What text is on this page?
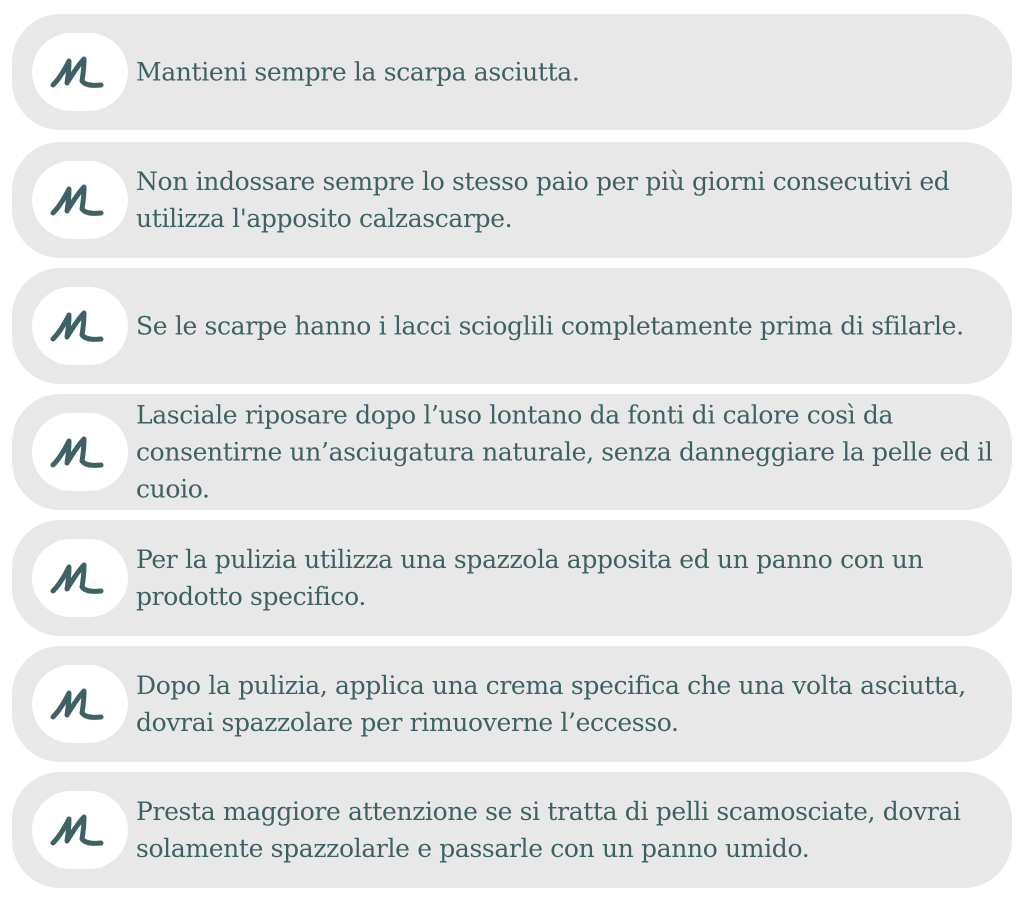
Mantieni sempre la scarpa asciutta.
Non indossare sempre lo stesso paio per più giorni consecutivi ed utilizza l'apposito calzascarpe.
Se le scarpe hanno i lacci scioglili completamente prima di sfilarle.
Lasciale riposare dopo l’uso lontano da fonti di calore così da consentirne un’asciugatura naturale, senza danneggiare la pelle ed il cuoio.
Per la pulizia utilizza una spazzola apposita ed un panno con un prodotto specifico.
Dopo la pulizia, applica una crema specifica che una volta asciutta, dovrai spazzolare per rimuoverne l’eccesso.
Presta maggiore attenzione se si tratta di pelli scamosciate, dovrai solamente spazzolarle e passarle con un panno umido.
